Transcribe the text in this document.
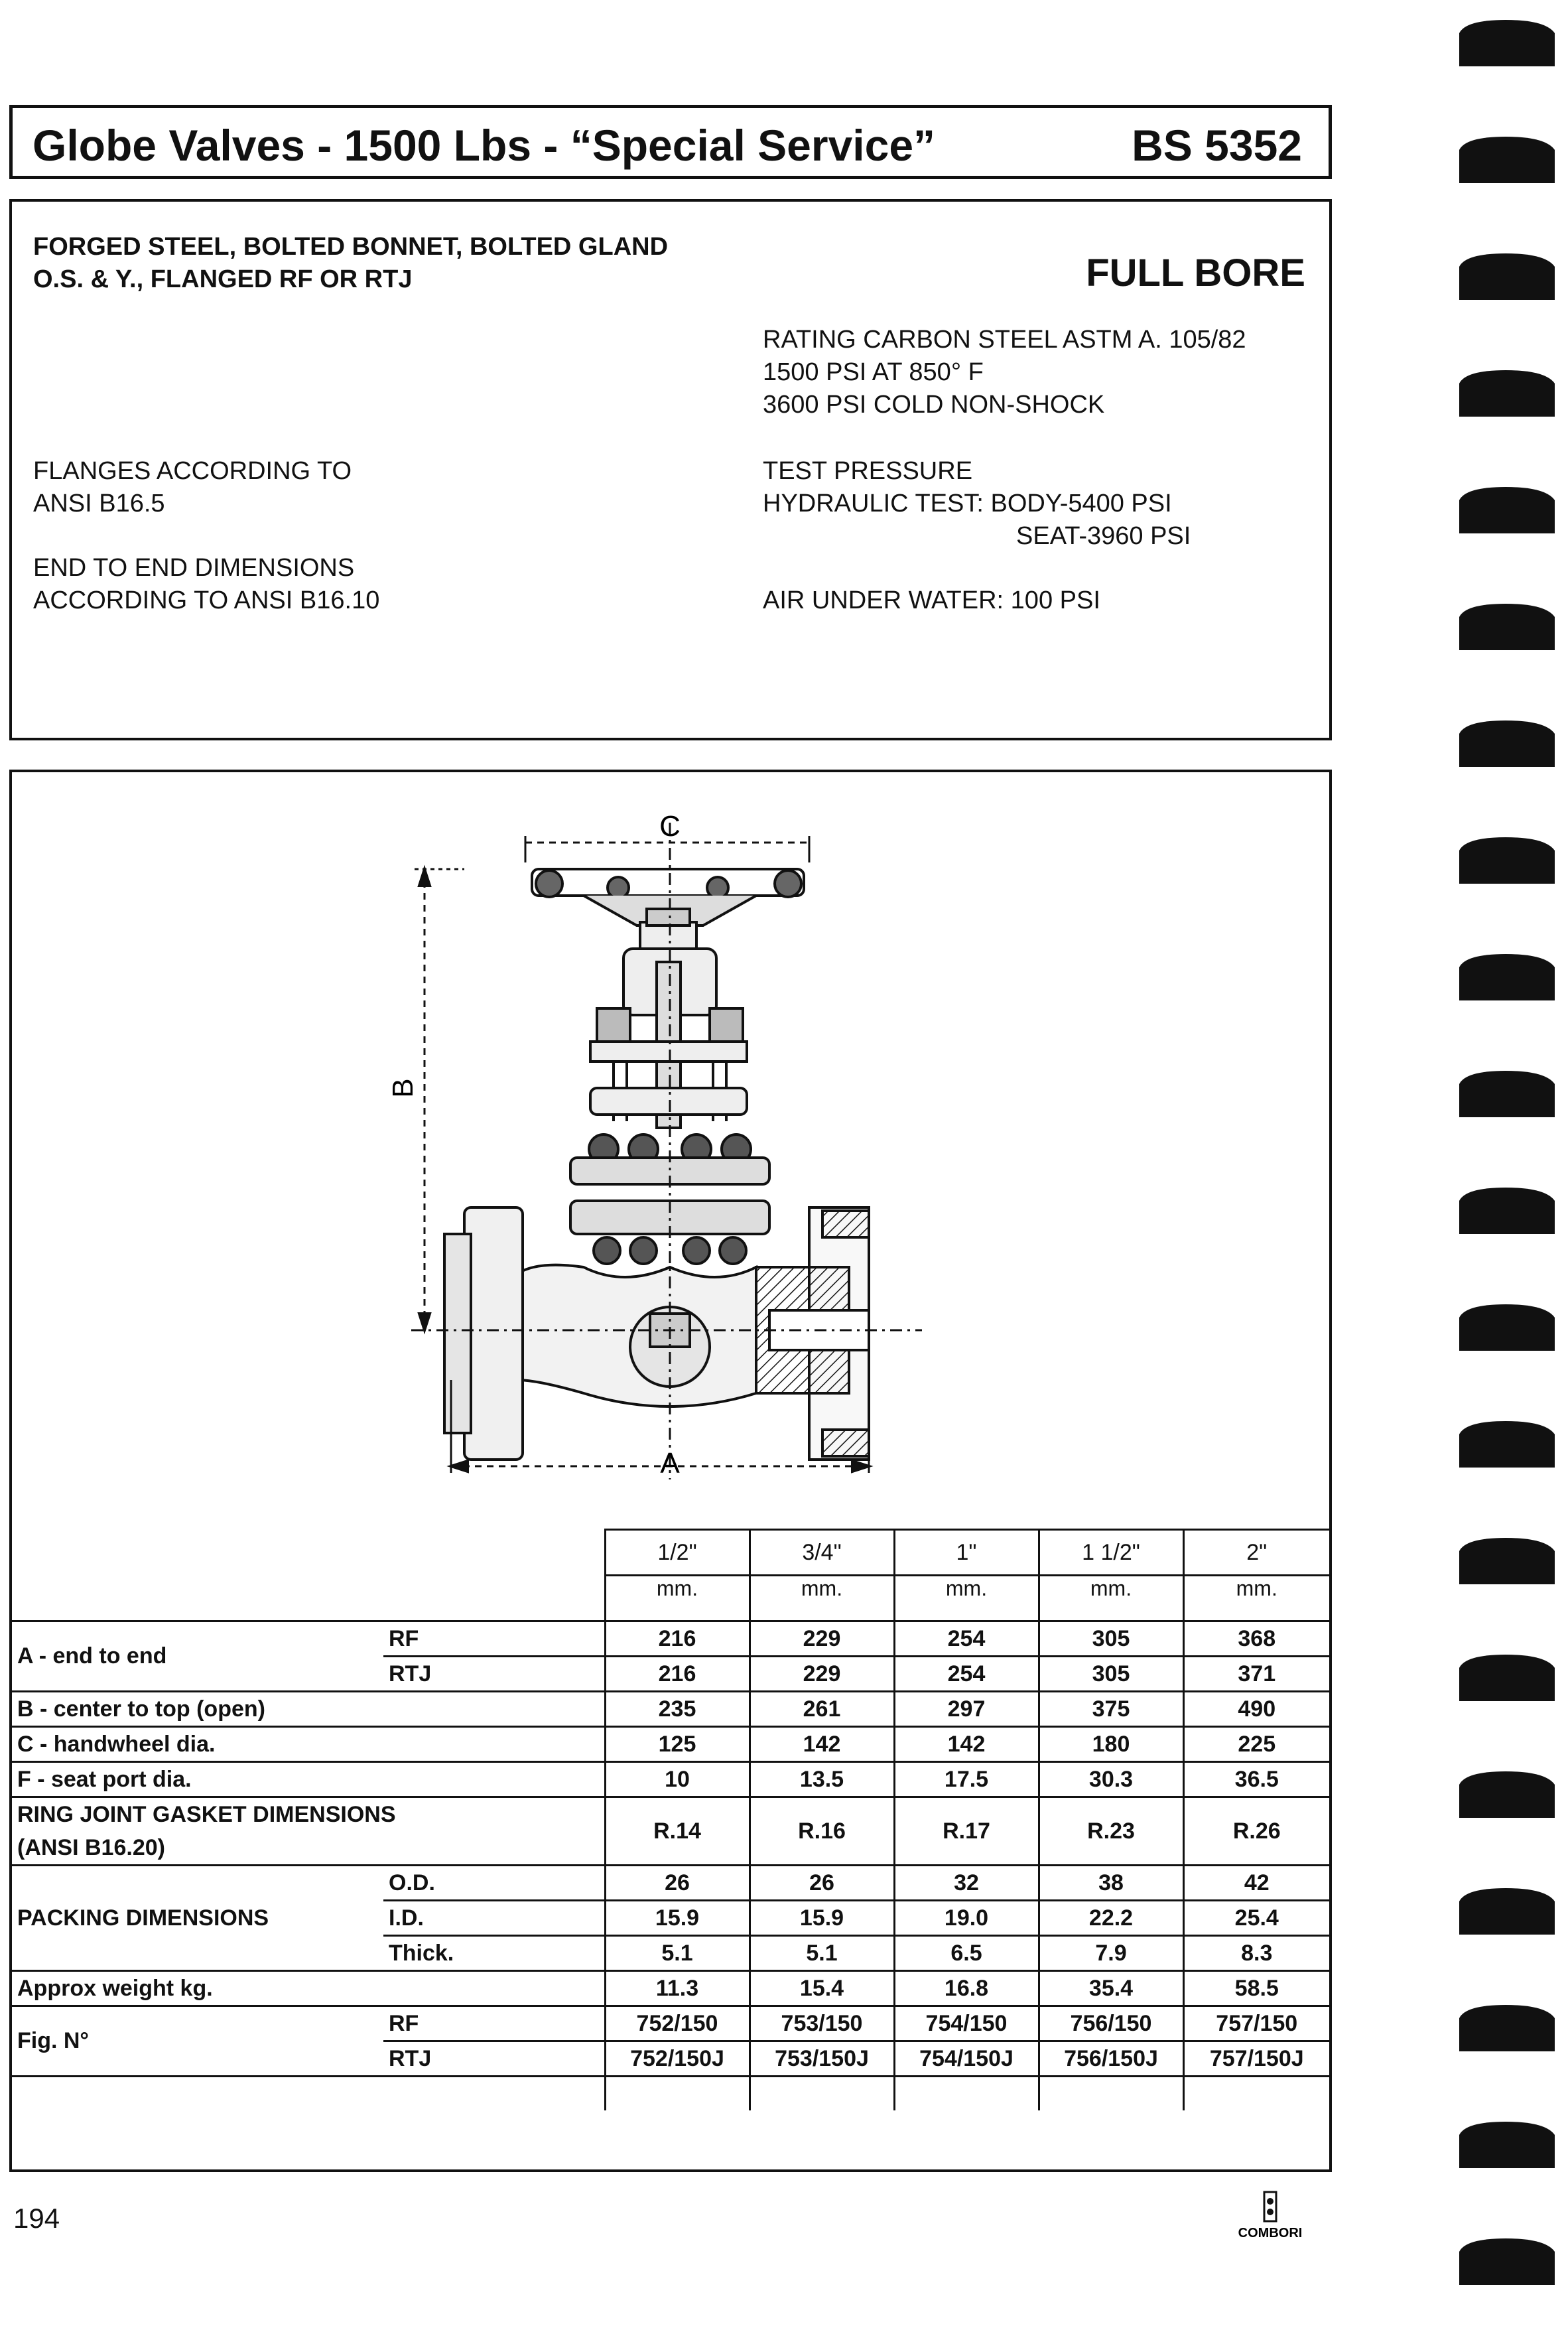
Globe Valves - 1500 Lbs - “Special Service”	BS 5352
FORGED STEEL, BOLTED BONNET, BOLTED GLAND
O.S. & Y., FLANGED RF OR RTJ	FULL BORE
RATING CARBON STEEL ASTM A. 105/82
1500 PSI AT 850° F
3600 PSI COLD NON-SHOCK
FLANGES ACCORDING TO
ANSI B16.5
TEST PRESSURE
HYDRAULIC TEST: BODY-5400 PSI
SEAT-3960 PSI
END TO END DIMENSIONS
ACCORDING TO ANSI B16.10	AIR UNDER WATER: 100 PSI
C
B
A
		1/2"	3/4"	1"	1 1/2"	2"
		mm.	mm.	mm.	mm.	mm.
A - end to end	RF	216	229	254	305	368
	RTJ	216	229	254	305	371
B - center to top (open)		235	261	297	375	490
C - handwheel dia.		125	142	142	180	225
F - seat port dia.		10	13.5	17.5	30.3	36.5

RING JOINT GASKET DIMENSIONS
(ANSI B16.20)		R.14	R.16	R.17	R.23	R.26
PACKING DIMENSIONS	O.D.	26	26	32	38	42
	I.D.	15.9	15.9	19.0	22.2	25.4
	Thick.	5.1	5.1	6.5	7.9	8.3
Approx weight kg.		11.3	15.4	16.8	35.4	58.5
Fig. N°	RF	752/150	753/150	754/150	756/150	757/150
	RTJ	752/150J	753/150J	754/150J	756/150J	757/150J

194	COMBORI
